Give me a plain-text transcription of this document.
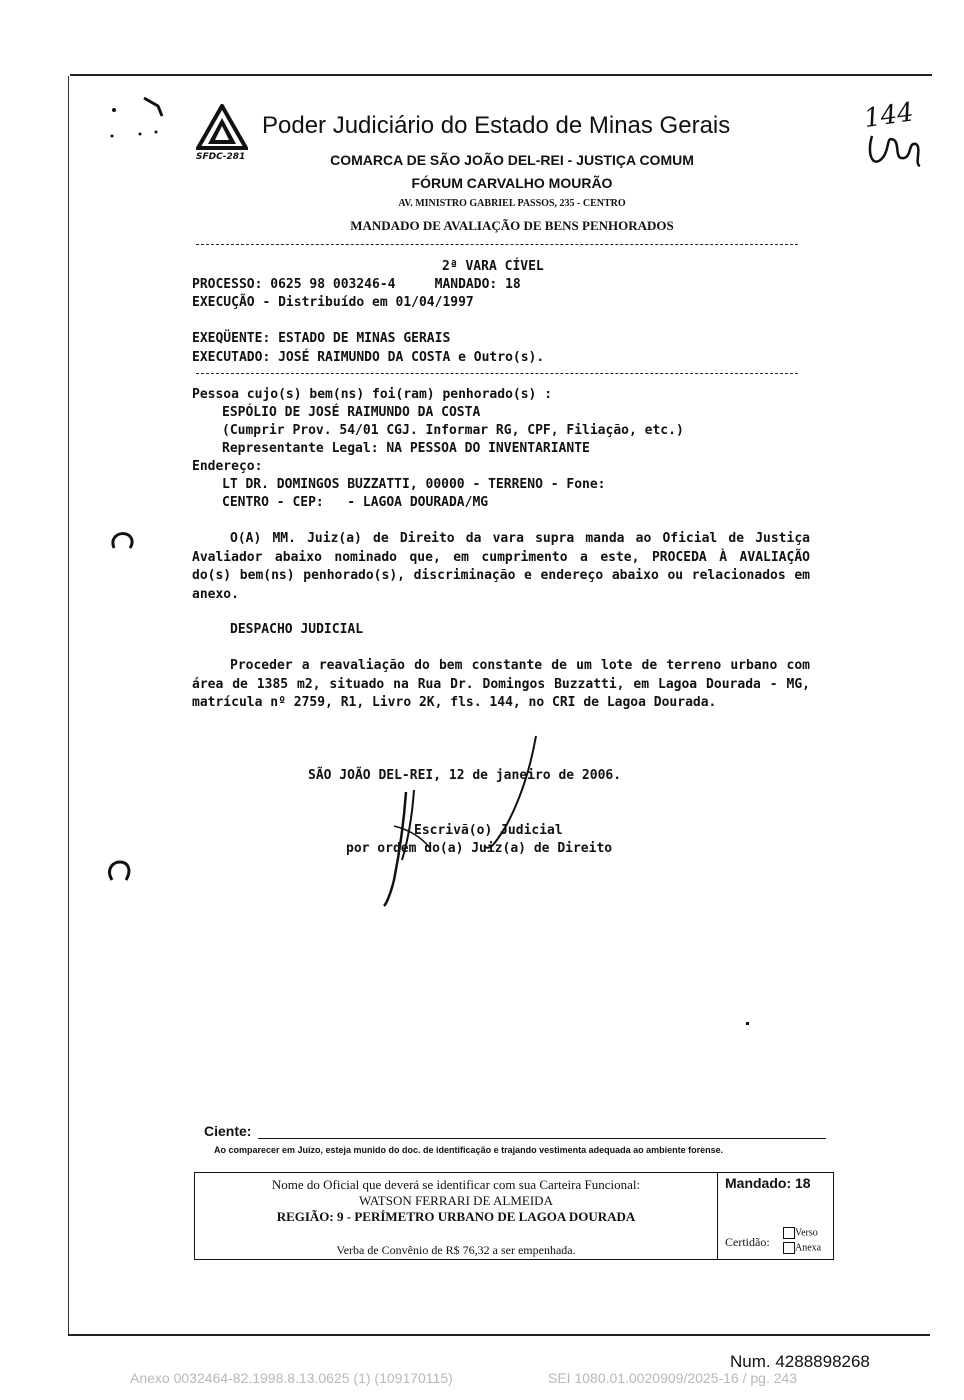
SFDC-281
Poder Judiciário do Estado de Minas Gerais	144
COMARCA DE SÃO JOÃO DEL-REI - JUSTIÇA COMUM
FÓRUM CARVALHO MOURÃO
AV. MINISTRO GABRIEL PASSOS, 235 - CENTRO
MANDADO DE AVALIAÇÃO DE BENS PENHORADOS
2ª VARA CÍVEL
PROCESSO: 0625 98 003246-4     MANDADO: 18
EXECUÇÃO - Distribuído em 01/04/1997
EXEQÜENTE: ESTADO DE MINAS GERAIS
EXECUTADO: JOSÉ RAIMUNDO DA COSTA e Outro(s).
Pessoa cujo(s) bem(ns) foi(ram) penhorado(s) :
ESPÓLIO DE JOSÉ RAIMUNDO DA COSTA
(Cumprir Prov. 54/01 CGJ. Informar RG, CPF, Filiação, etc.)
Representante Legal: NA PESSOA DO INVENTARIANTE
Endereço:
LT DR. DOMINGOS BUZZATTI, 00000 - TERRENO - Fone:
CENTRO - CEP:   - LAGOA DOURADA/MG
O(A) MM. Juiz(a) de Direito da vara supra manda ao Oficial de Justiça Avaliador abaixo nominado que, em cumprimento a este, PROCEDA À AVALIAÇÃO do(s) bem(ns) penhorado(s), discriminação e endereço abaixo ou relacionados em anexo.
DESPACHO JUDICIAL
Proceder a reavaliação do bem constante de um lote de terreno urbano com área de 1385 m2, situado na Rua Dr. Domingos Buzzatti, em Lagoa Dourada - MG, matrícula nº 2759, R1, Livro 2K, fls. 144, no CRI de Lagoa Dourada.
SÃO JOÃO DEL-REI, 12 de janeiro de 2006.
Escrivã(o) Judicial
por ordem do(a) Juiz(a) de Direito
Ciente:
Ao comparecer em Juízo, esteja munido do doc. de identificação e trajando vestimenta adequada ao ambiente forense.
Nome do Oficial que deverá se identificar com sua Carteira Funcional:
WATSON FERRARI DE ALMEIDA
REGIÃO: 9 - PERÍMETRO URBANO DE LAGOA DOURADA
Verba de Convênio de R$ 76,32 a ser empenhada.
Mandado: 18
Certidão:
Verso
Anexa
Num. 4288898268
Anexo 0032464-82.1998.8.13.0625 (1) (109170115)	SEI 1080.01.0020909/2025-16 / pg. 243
